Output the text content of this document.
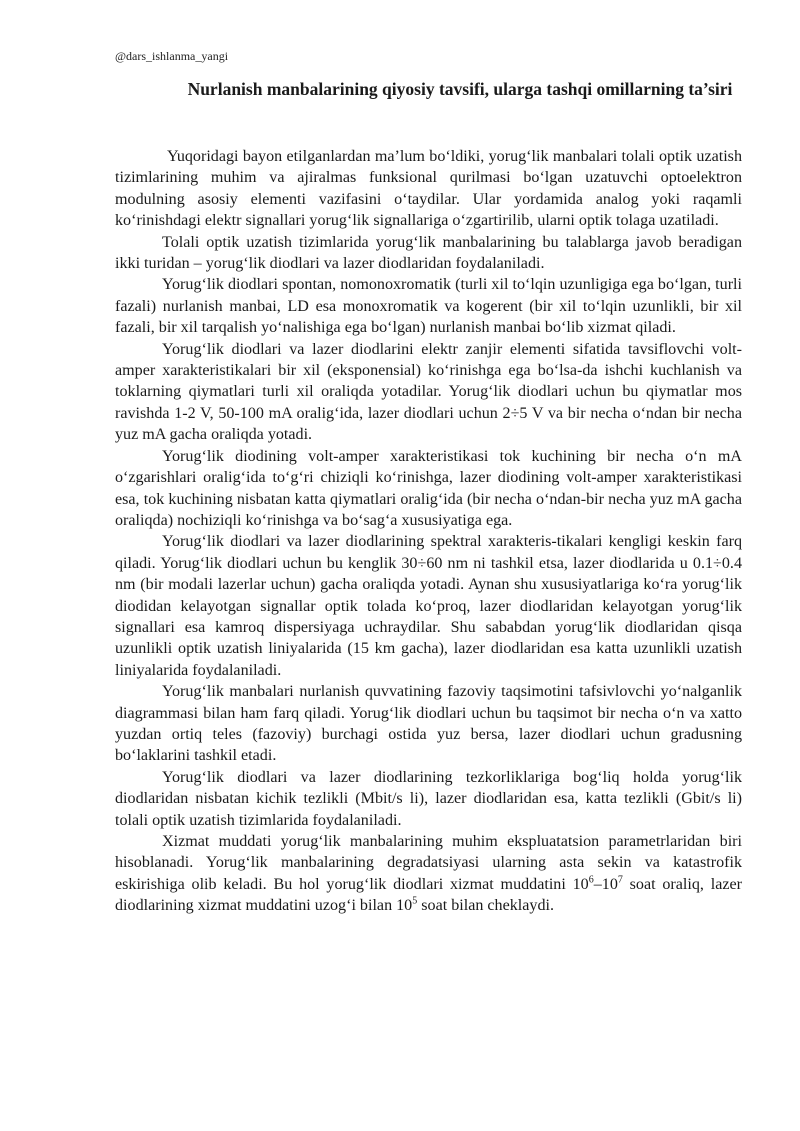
@dars_ishlanma_yangi
Nurlanish manbalarining qiyosiy tavsifi, ularga tashqi omillarning ta’siri

Yuqoridagi bayon etilganlardan ma’lum bo‘ldiki, yorug‘lik manbalari tolali optik uzatish tizimlarining muhim va ajiralmas funksional qurilmasi bo‘lgan uzatuvchi optoelektron modulning asosiy elementi vazifasini o‘taydilar. Ular yordamida analog yoki raqamli ko‘rinishdagi elektr signallari yorug‘lik signallariga o‘zgartirilib, ularni optik tolaga uzatiladi.

Tolali optik uzatish tizimlarida yorug‘lik manbalarining bu talablarga javob beradigan ikki turidan – yorug‘lik diodlari va lazer diodlaridan foydalaniladi.

Yorug‘lik diodlari spontan, nomonoxromatik (turli xil to‘lqin uzunligiga ega bo‘lgan, turli fazali) nurlanish manbai, LD esa monoxromatik va kogerent (bir xil to‘lqin uzunlikli, bir xil fazali, bir xil tarqalish yo‘nalishiga ega bo‘lgan) nurlanish manbai bo‘lib xizmat qiladi.

Yorug‘lik diodlari va lazer diodlarini elektr zanjir elementi sifatida tavsiflovchi volt-amper xarakteristikalari bir xil (eksponensial) ko‘rinishga ega bo‘lsa-da ishchi kuchlanish va toklarning qiymatlari turli xil oraliqda yotadilar. Yorug‘lik diodlari uchun bu qiymatlar mos ravishda 1-2 V, 50-100 mA oralig‘ida, lazer diodlari uchun 2÷5 V va bir necha o‘ndan bir necha yuz mA gacha oraliqda yotadi.

Yorug‘lik diodining volt-amper xarakteristikasi tok kuchining bir necha o‘n mA o‘zgarishlari oralig‘ida to‘g‘ri chiziqli ko‘rinishga, lazer diodining volt-amper xarakteristikasi esa, tok kuchining nisbatan katta qiymatlari oralig‘ida (bir necha o‘ndan-bir necha yuz mA gacha oraliqda) nochiziqli ko‘rinishga va bo‘sag‘a xususiyatiga ega.

Yorug‘lik diodlari va lazer diodlarining spektral xarakteris-tikalari kengligi keskin farq qiladi. Yorug‘lik diodlari uchun bu kenglik 30÷60 nm ni tashkil etsa, lazer diodlarida u 0.1÷0.4 nm (bir modali lazerlar uchun) gacha oraliqda yotadi. Aynan shu xususiyatlariga ko‘ra yorug‘lik diodidan kelayotgan signallar optik tolada ko‘proq, lazer diodlaridan kelayotgan yorug‘lik signallari esa kamroq dispersiyaga uchraydilar. Shu sababdan yorug‘lik diodlaridan qisqa uzunlikli optik uzatish liniyalarida (15 km gacha), lazer diodlaridan esa katta uzunlikli uzatish liniyalarida foydalaniladi.

Yorug‘lik manbalari nurlanish quvvatining fazoviy taqsimotini tafsivlovchi yo‘nalganlik diagrammasi bilan ham farq qiladi. Yorug‘lik diodlari uchun bu taqsimot bir necha o‘n va xatto yuzdan ortiq teles (fazoviy) burchagi ostida yuz bersa, lazer diodlari uchun gradusning bo‘laklarini tashkil etadi.

Yorug‘lik diodlari va lazer diodlarining tezkorliklariga bog‘liq holda yorug‘lik diodlaridan nisbatan kichik tezlikli (Mbit/s li), lazer diodlaridan esa, katta tezlikli (Gbit/s li) tolali optik uzatish tizimlarida foydalaniladi.

Xizmat muddati yorug‘lik manbalarining muhim ekspluatatsion parametrlaridan biri hisoblanadi. Yorug‘lik manbalarining degradatsiyasi ularning asta sekin va katastrofik eskirishiga olib keladi. Bu hol yorug‘lik diodlari xizmat muddatini $10^6-10^7$ soat oraliq, lazer diodlarining xizmat muddatini uzog‘i bilan $10^5$ soat bilan cheklaydi.
